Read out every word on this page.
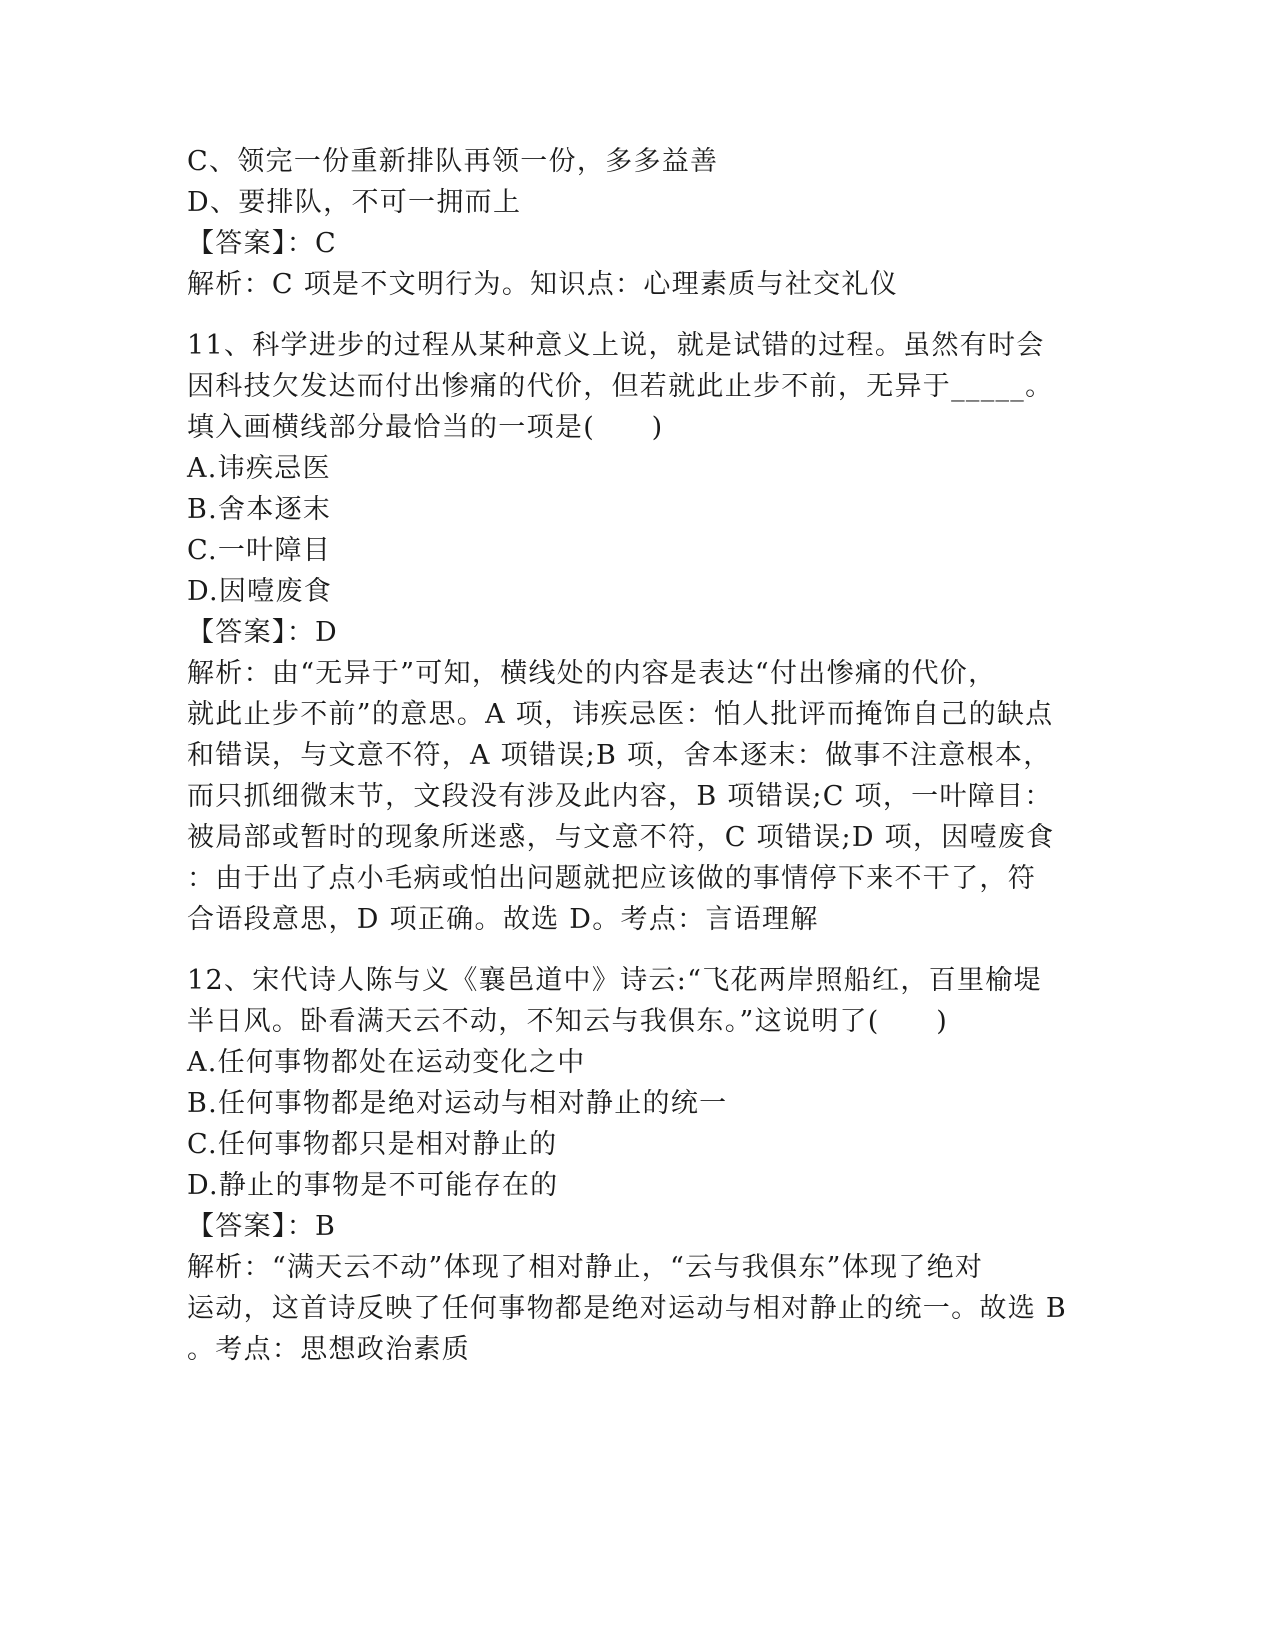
C、领完一份重新排队再领一份，多多益善
D、要排队，不可一拥而上
【答案】：C
解析：C 项是不文明行为。知识点：心理素质与社交礼仪
11、科学进步的过程从某种意义上说，就是试错的过程。虽然有时会
因科技欠发达而付出惨痛的代价，但若就此止步不前，无异于_____。
填入画横线部分最恰当的一项是(　　)
A.讳疾忌医
B.舍本逐末
C.一叶障目
D.因噎废食
【答案】：D
解析：由“无异于”可知，横线处的内容是表达“付出惨痛的代价，
就此止步不前”的意思。A 项，讳疾忌医：怕人批评而掩饰自己的缺点
和错误，与文意不符，A 项错误;B 项，舍本逐末：做事不注意根本，
而只抓细微末节，文段没有涉及此内容，B 项错误;C 项，一叶障目：
被局部或暂时的现象所迷惑，与文意不符，C 项错误;D 项，因噎废食
：由于出了点小毛病或怕出问题就把应该做的事情停下来不干了，符
合语段意思，D 项正确。故选 D。考点：言语理解
12、宋代诗人陈与义《襄邑道中》诗云:“飞花两岸照船红，百里榆堤
半日风。卧看满天云不动，不知云与我俱东。”这说明了(　　)
A.任何事物都处在运动变化之中
B.任何事物都是绝对运动与相对静止的统一
C.任何事物都只是相对静止的
D.静止的事物是不可能存在的
【答案】：B
解析：“满天云不动”体现了相对静止，“云与我俱东”体现了绝对
运动，这首诗反映了任何事物都是绝对运动与相对静止的统一。故选 B
。考点：思想政治素质
